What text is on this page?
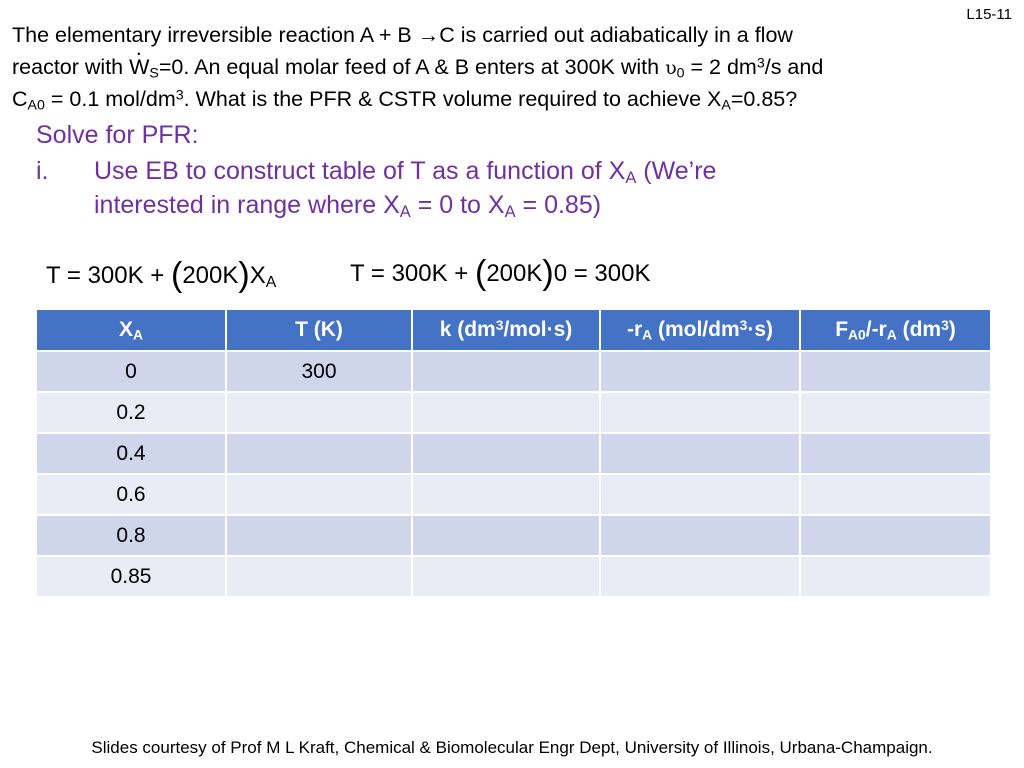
L15-11
The elementary irreversible reaction A + B →C is carried out adiabatically in a flow
reactor with · $W_S=0$. An equal molar feed of A & B enters at 300K with $\upsilon_0 = 2$ $dm^3/s$ and
$C_{A0} = 0.1$ mol/$dm^3$. What is the PFR & CSTR volume required to achieve $X_A=0.85$?
Solve for PFR:
i. Use EB to construct table of T as a function of $X_A$ (We’re
interested in range where $X_A = 0$ to $X_A = 0.85$)
$T = 300K + (200K)X_A$	T = 300K + (200K)0 = 300K
$X_A$	T (K)	k $(dm^3/mol\cdot s)$	$-r_A$ $(mol/dm^3\cdot s)$	$F_{A0}/-r_A$ $(dm^3)$
0	300			
0.2				
0.4				
0.6				
0.8				
0.85				
Slides courtesy of Prof M L Kraft, Chemical & Biomolecular Engr Dept, University of Illinois, Urbana-Champaign.
